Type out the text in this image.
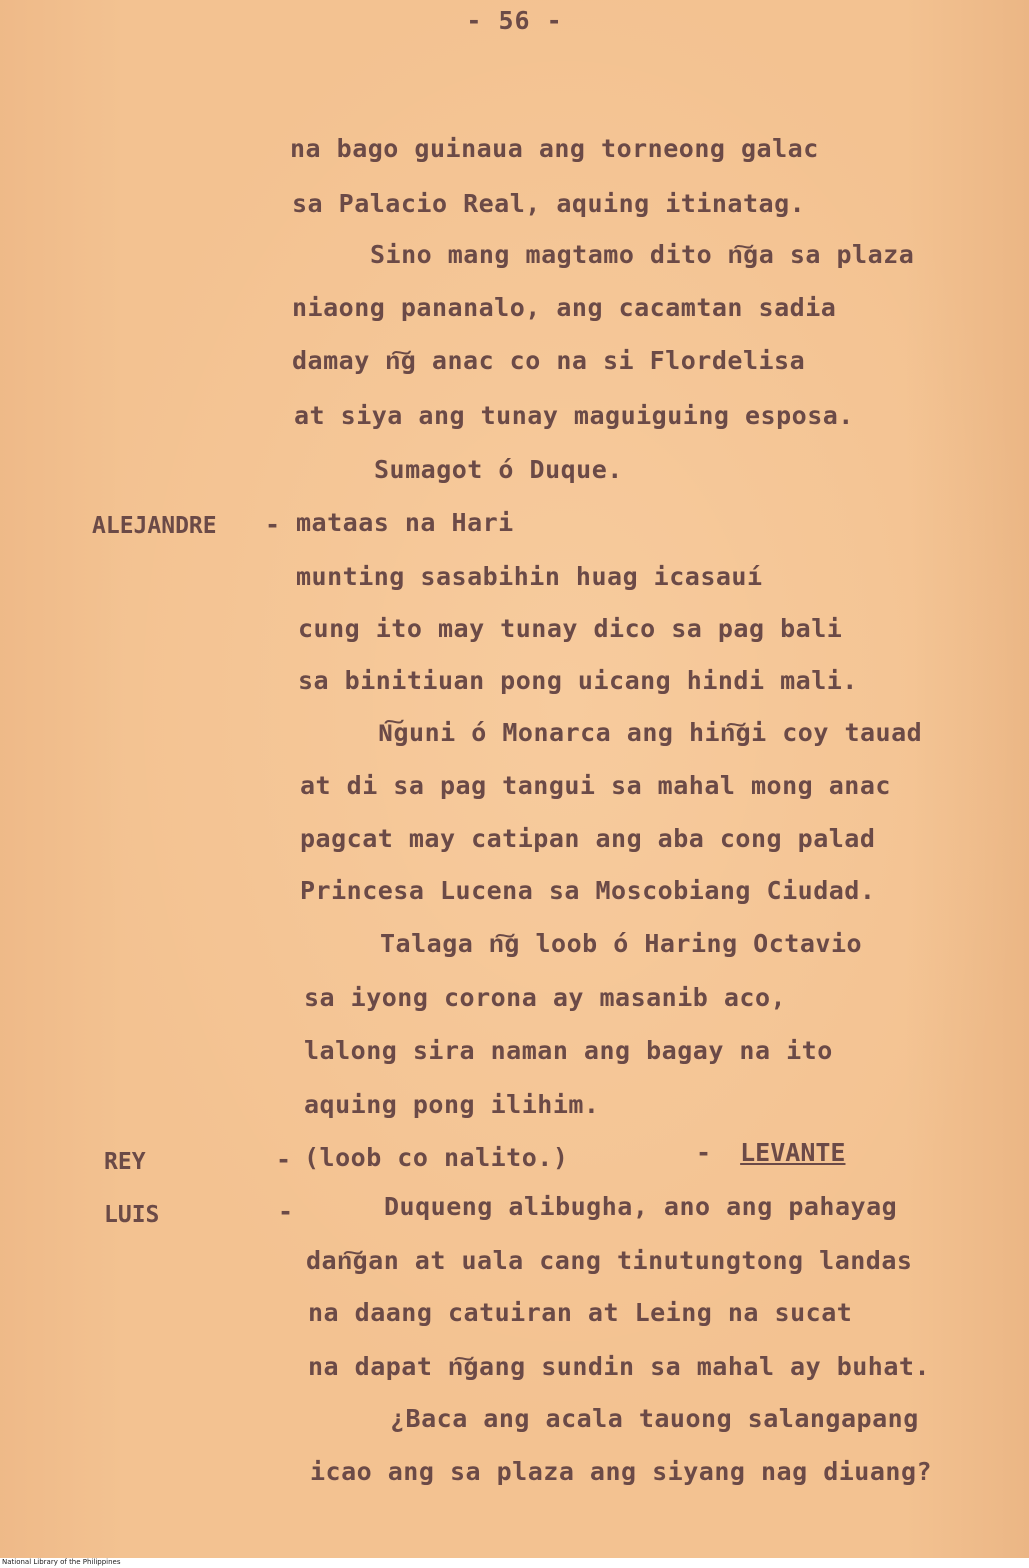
- 56 -
na bago guinaua ang torneong galac
sa Palacio Real, aquing itinatag.
Sino mang magtamo dito n͠ga sa plaza
niaong pananalo, ang cacamtan sadia
damay n͠g anac co na si Flordelisa
at siya ang tunay maguiguing esposa.
Sumagot ó Duque.
ALEJANDRE - mataas na Hari
munting sasabihin huag icasauí
cung ito may tunay dico sa pag bali
sa binitiuan pong uicang hindi mali.
N͠guni ó Monarca ang hin͠gi coy tauad
at di sa pag tangui sa mahal mong anac
pagcat may catipan ang aba cong palad
Princesa Lucena sa Moscobiang Ciudad.
Talaga n͠g loob ó Haring Octavio
sa iyong corona ay masanib aco,
lalong sira naman ang bagay na ito
aquing pong ilihim.
REY	- (loob co nalito.)	- LEVANTE
LUIS	-	Duqueng alibugha, ano ang pahayag
dan͠gan at uala cang tinutungtong landas
na daang catuiran at Leing na sucat
na dapat n͠gang sundin sa mahal ay buhat.
¿Baca ang acala tauong salangapang
icao ang sa plaza ang siyang nag diuang?
National Library of the Philippines
